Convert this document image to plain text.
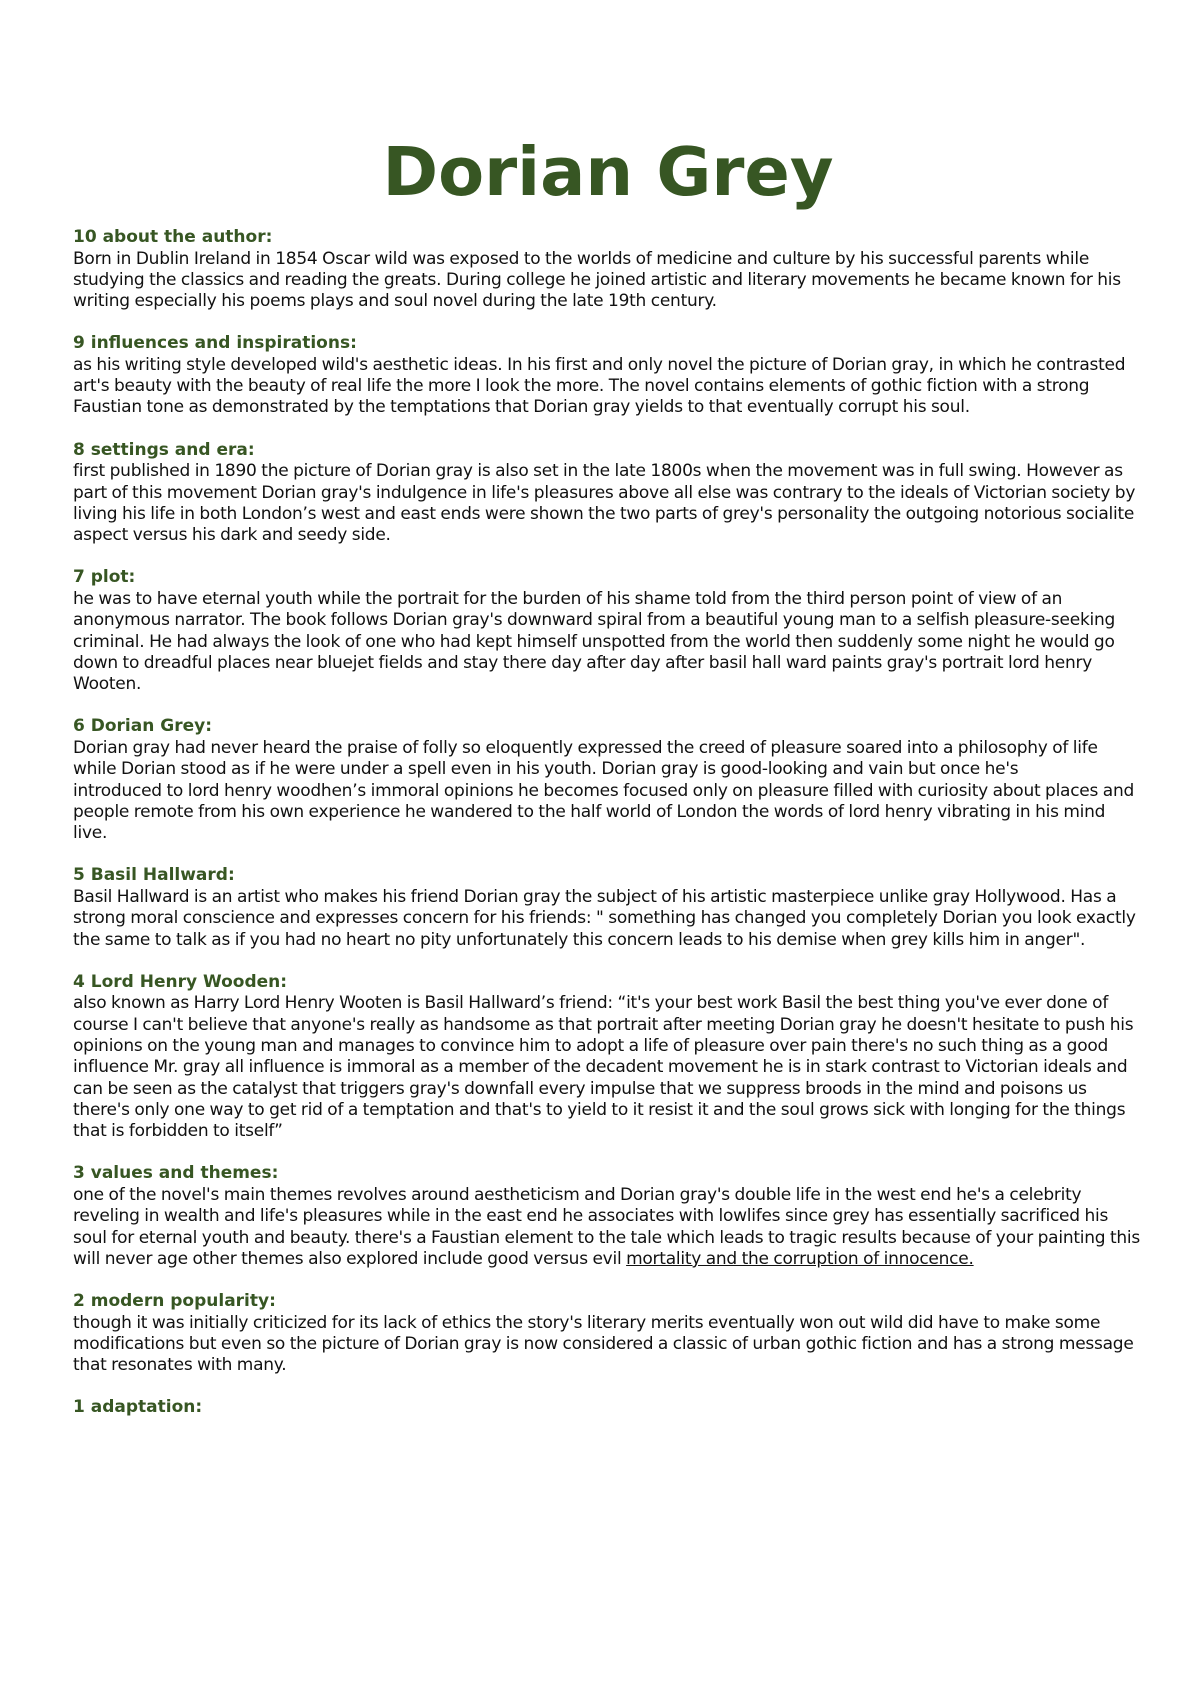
Dorian Grey

10 about the author:

Born in Dublin Ireland in 1854 Oscar wild was exposed to the worlds of medicine and culture by his successful parents while studying the classics and reading the greats. During college he joined artistic and literary movements he became known for his writing especially his poems plays and soul novel during the late 19th century.

9 influences and inspirations:

as his writing style developed wild's aesthetic ideas. In his first and only novel the picture of Dorian gray, in which he contrasted art's beauty with the beauty of real life the more I look the more. The novel contains elements of gothic fiction with a strong Faustian tone as demonstrated by the temptations that Dorian gray yields to that eventually corrupt his soul.

8 settings and era:

first published in 1890 the picture of Dorian gray is also set in the late 1800s when the movement was in full swing. However as part of this movement Dorian gray's indulgence in life's pleasures above all else was contrary to the ideals of Victorian society by living his life in both London’s west and east ends were shown the two parts of grey's personality the outgoing notorious socialite aspect versus his dark and seedy side.

7 plot:

he was to have eternal youth while the portrait for the burden of his shame told from the third person point of view of an anonymous narrator. The book follows Dorian gray's downward spiral from a beautiful young man to a selfish pleasure-seeking criminal. He had always the look of one who had kept himself unspotted from the world then suddenly some night he would go down to dreadful places near bluejet fields and stay there day after day after basil hall ward paints gray's portrait lord henry Wooten.

6 Dorian Grey:

Dorian gray had never heard the praise of folly so eloquently expressed the creed of pleasure soared into a philosophy of life while Dorian stood as if he were under a spell even in his youth. Dorian gray is good-looking and vain but once he's

introduced to lord henry woodhen’s immoral opinions he becomes focused only on pleasure filled with curiosity about places and people remote from his own experience he wandered to the half world of London the words of lord henry vibrating in his mind live.

5 Basil Hallward:

Basil Hallward is an artist who makes his friend Dorian gray the subject of his artistic masterpiece unlike gray Hollywood. Has a strong moral conscience and expresses concern for his friends: " something has changed you completely Dorian you look exactly the same to talk as if you had no heart no pity unfortunately this concern leads to his demise when grey kills him in anger".

4 Lord Henry Wooden:

also known as Harry Lord Henry Wooten is Basil Hallward’s friend: “it's your best work Basil the best thing you've ever done of course I can't believe that anyone's really as handsome as that portrait after meeting Dorian gray he doesn't hesitate to push his opinions on the young man and manages to convince him to adopt a life of pleasure over pain there's no such thing as a good influence Mr. gray all influence is immoral as a member of the decadent movement he is in stark contrast to Victorian ideals and can be seen as the catalyst that triggers gray's downfall every impulse that we suppress broods in the mind and poisons us there's only one way to get rid of a temptation and that's to yield to it resist it and the soul grows sick with longing for the things that is forbidden to itself”

3 values and themes:

one of the novel's main themes revolves around aestheticism and Dorian gray's double life in the west end he's a celebrity reveling in wealth and life's pleasures while in the east end he associates with lowlifes since grey has essentially sacrificed his soul for eternal youth and beauty. there's a Faustian element to the tale which leads to tragic results because of your painting this will never age other themes also explored include good versus evil mortality and the corruption of innocence.

2 modern popularity:

though it was initially criticized for its lack of ethics the story's literary merits eventually won out wild did have to make some modifications but even so the picture of Dorian gray is now considered a classic of urban gothic fiction and has a strong message that resonates with many.

1 adaptation:
